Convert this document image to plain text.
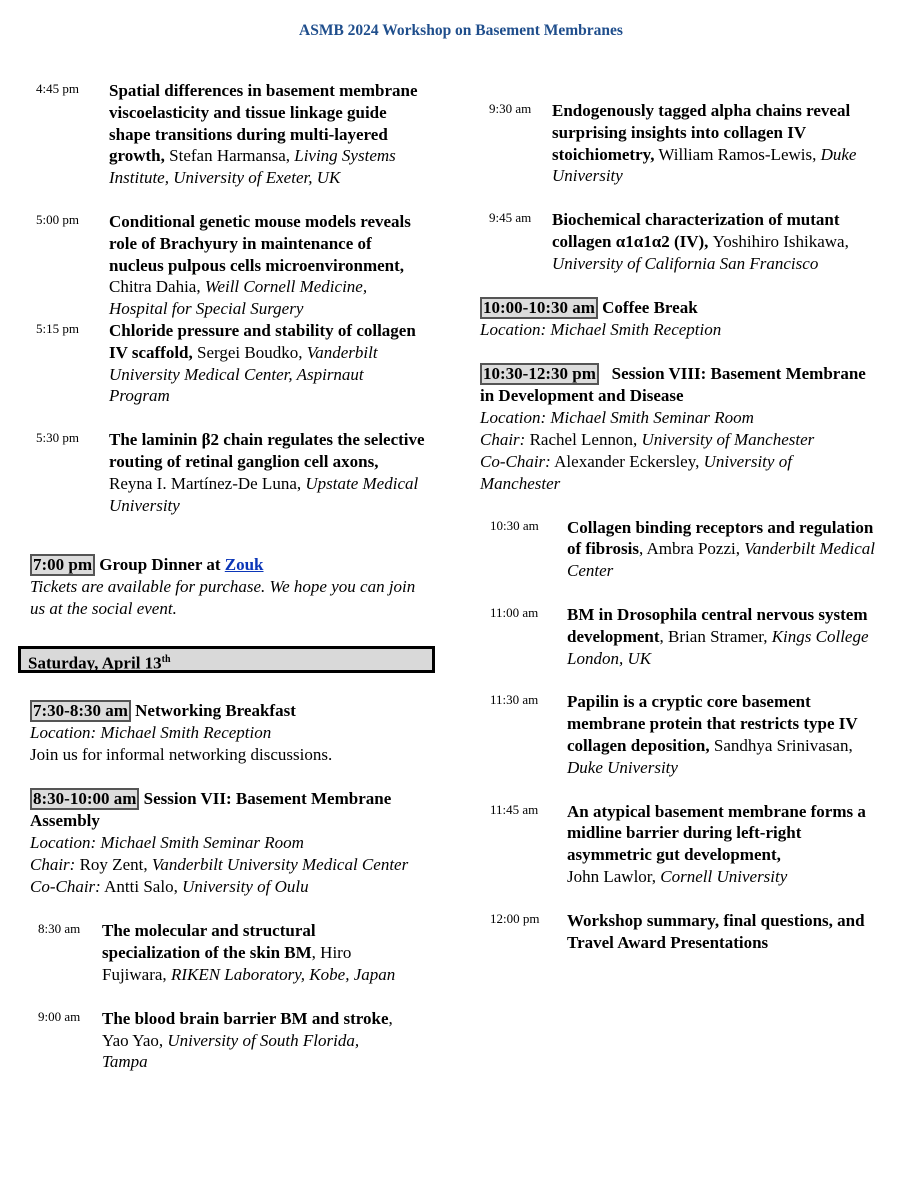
ASMB 2024 Workshop on Basement Membranes
4:45 pm	Spatial differences in basement membrane viscoelasticity and tissue linkage guide shape transitions during multi-layered growth, Stefan Harmansa, Living Systems Institute, University of Exeter, UK
5:00 pm	Conditional genetic mouse models reveals role of Brachyury in maintenance of nucleus pulpous cells microenvironment, Chitra Dahia, Weill Cornell Medicine, Hospital for Special Surgery
5:15 pm	Chloride pressure and stability of collagen IV scaffold, Sergei Boudko, Vanderbilt University Medical Center, Aspirnaut Program
5:30 pm	The laminin β2 chain regulates the selective routing of retinal ganglion cell axons, Reyna I. Martínez-De Luna, Upstate Medical University
7:00 pm Group Dinner at Zouk
Tickets are available for purchase. We hope you can join us at the social event.
Saturday, April 13th
7:30-8:30 am Networking Breakfast
Location: Michael Smith Reception
Join us for informal networking discussions.
8:30-10:00 am Session VII: Basement Membrane Assembly
Location: Michael Smith Seminar Room
Chair: Roy Zent, Vanderbilt University Medical Center
Co-Chair: Antti Salo, University of Oulu
8:30 am	The molecular and structural specialization of the skin BM, Hiro Fujiwara, RIKEN Laboratory, Kobe, Japan
9:00 am	The blood brain barrier BM and stroke, Yao Yao, University of South Florida, Tampa
9:30 am	Endogenously tagged alpha chains reveal surprising insights into collagen IV stoichiometry, William Ramos-Lewis, Duke University
9:45 am	Biochemical characterization of mutant collagen α1α1α2 (IV), Yoshihiro Ishikawa, University of California San Francisco
10:00-10:30 am Coffee Break
Location: Michael Smith Reception
10:30-12:30 pm   Session VIII: Basement Membrane in Development and Disease
Location: Michael Smith Seminar Room
Chair: Rachel Lennon, University of Manchester
Co-Chair: Alexander Eckersley, University of Manchester
10:30 am	Collagen binding receptors and regulation of fibrosis, Ambra Pozzi, Vanderbilt Medical Center
11:00 am	BM in Drosophila central nervous system development, Brian Stramer, Kings College London, UK
11:30 am	Papilin is a cryptic core basement membrane protein that restricts type IV collagen deposition, Sandhya Srinivasan, Duke University
11:45 am	An atypical basement membrane forms a midline barrier during left-right asymmetric gut development,
John Lawlor, Cornell University
12:00 pm	Workshop summary, final questions, and Travel Award Presentations
